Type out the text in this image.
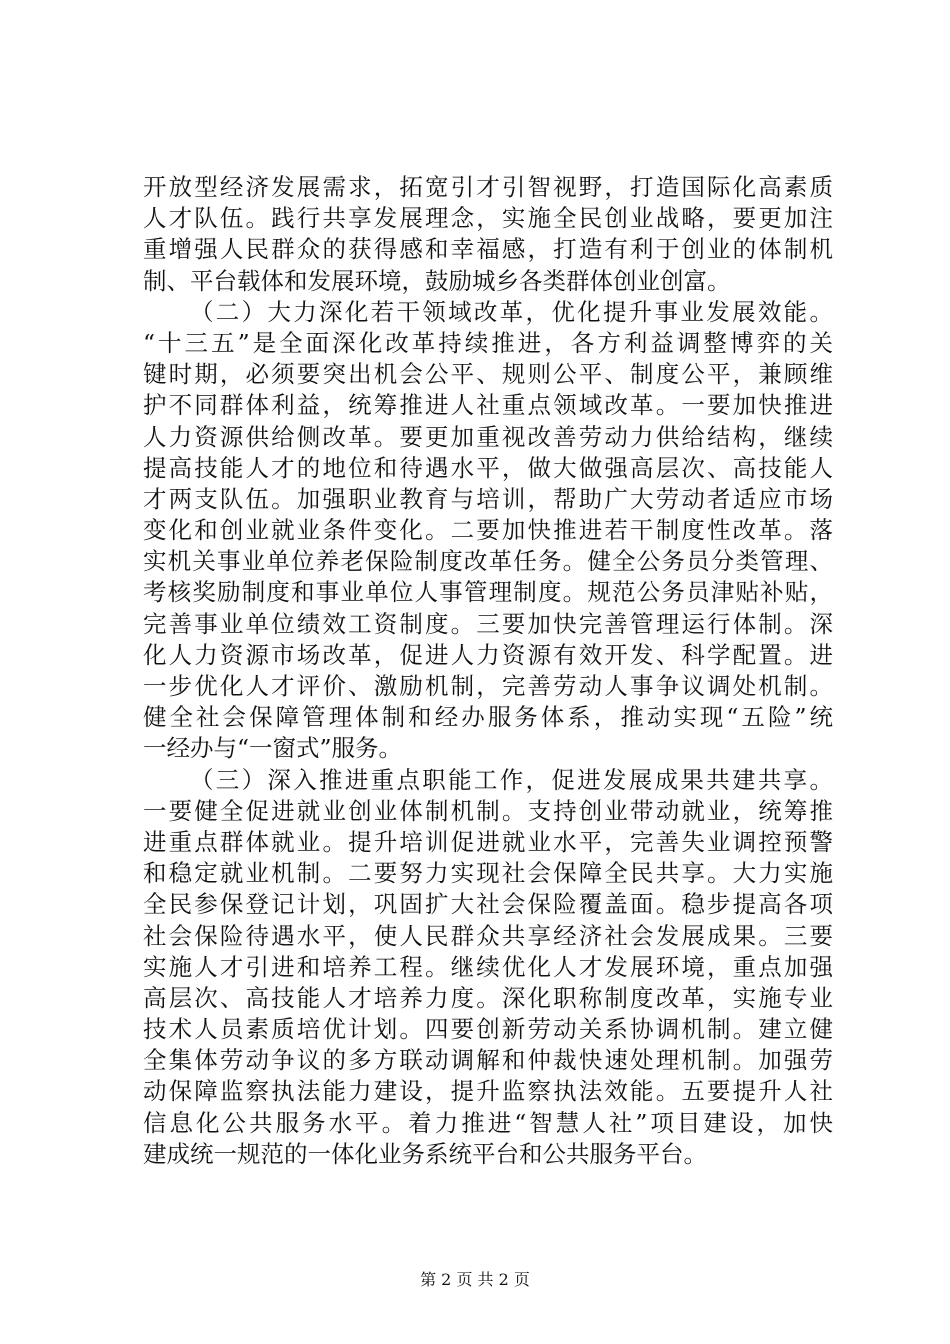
开放型经济发展需求，拓宽引才引智视野，打造国际化高素质
人才队伍。践行共享发展理念，实施全民创业战略，要更加注
重增强人民群众的获得感和幸福感，打造有利于创业的体制机
制、平台载体和发展环境，鼓励城乡各类群体创业创富。
（二）大力深化若干领域改革，优化提升事业发展效能。
“十三五”是全面深化改革持续推进，各方利益调整博弈的关
键时期，必须要突出机会公平、规则公平、制度公平，兼顾维
护不同群体利益，统筹推进人社重点领域改革。一要加快推进
人力资源供给侧改革。要更加重视改善劳动力供给结构，继续
提高技能人才的地位和待遇水平，做大做强高层次、高技能人
才两支队伍。加强职业教育与培训，帮助广大劳动者适应市场
变化和创业就业条件变化。二要加快推进若干制度性改革。落
实机关事业单位养老保险制度改革任务。健全公务员分类管理、
考核奖励制度和事业单位人事管理制度。规范公务员津贴补贴，
完善事业单位绩效工资制度。三要加快完善管理运行体制。深
化人力资源市场改革，促进人力资源有效开发、科学配置。进
一步优化人才评价、激励机制，完善劳动人事争议调处机制。
健全社会保障管理体制和经办服务体系，推动实现“五险”统
一经办与“一窗式”服务。
（三）深入推进重点职能工作，促进发展成果共建共享。
一要健全促进就业创业体制机制。支持创业带动就业，统筹推
进重点群体就业。提升培训促进就业水平，完善失业调控预警
和稳定就业机制。二要努力实现社会保障全民共享。大力实施
全民参保登记计划，巩固扩大社会保险覆盖面。稳步提高各项
社会保险待遇水平，使人民群众共享经济社会发展成果。三要
实施人才引进和培养工程。继续优化人才发展环境，重点加强
高层次、高技能人才培养力度。深化职称制度改革，实施专业
技术人员素质培优计划。四要创新劳动关系协调机制。建立健
全集体劳动争议的多方联动调解和仲裁快速处理机制。加强劳
动保障监察执法能力建设，提升监察执法效能。五要提升人社
信息化公共服务水平。着力推进“智慧人社”项目建设，加快
建成统一规范的一体化业务系统平台和公共服务平台。
第 2 页 共 2 页
